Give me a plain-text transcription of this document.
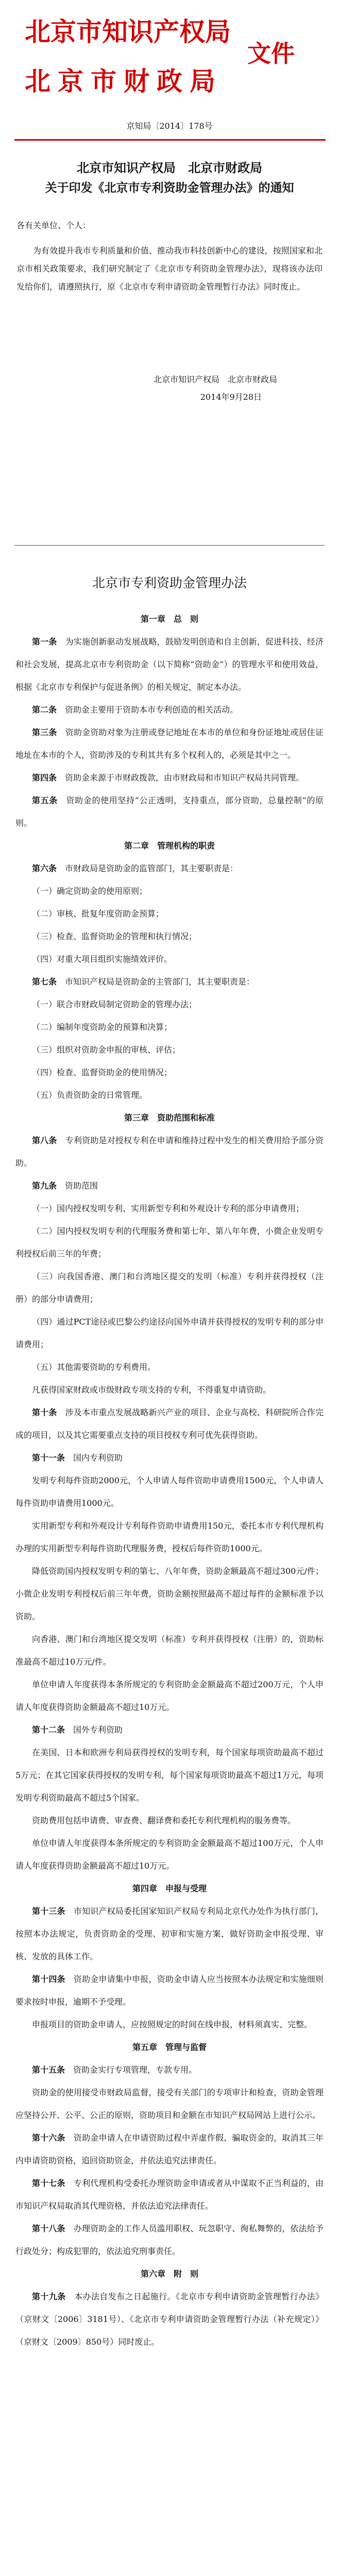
北京市知识产权局
北京市财政局
文件
京知局〔2014〕178号
北京市知识产权局　北京市财政局
关于印发《北京市专利资助金管理办法》的通知
各有关单位、个人：

为有效提升我市专利质量和价值、推动我市科技创新中心的建设，按照国家和北京市相关政策要求，我们研究制定了《北京市专利资助金管理办法》，现将该办法印发给你们，请遵照执行，原《北京市专利申请资助金管理暂行办法》同时废止。

北京市知识产权局　北京市财政局
2014年9月28日
北京市专利资助金管理办法

第一章　总　则

第一条　 为实施创新驱动发展战略，鼓励发明创造和自主创新，促进科技、经济和社会发展，提高北京市专利资助金（以下简称“资助金”）的管理水平和使用效益，根据《北京市专利保护与促进条例》的相关规定，制定本办法。

第二条　 资助金主要用于资助本市专利创造的相关活动。

第三条　 资助金资助对象为注册或登记地址在本市的单位和身份证地址或居住证地址在本市的个人，资助涉及的专利其共有多个权利人的，必须是其中之一。

第四条　 资助金来源于市财政拨款，由市财政局和市知识产权局共同管理。

第五条　 资助金的使用坚持“公正透明，支持重点，部分资助，总量控制”的原则。

第二章　管理机构的职责

第六条　 市财政局是资助金的监管部门，其主要职责是：

（一）确定资助金的使用原则；

（二）审核、批复年度资助金预算；

（三）检查、监督资助金的管理和执行情况；

（四）对重大项目组织实施绩效评价。

第七条　 市知识产权局是资助金的主管部门，其主要职责是：

（一）联合市财政局制定资助金的管理办法；

（二）编制年度资助金的预算和决算；

（三）组织对资助金申报的审核、评估；

（四）检查、监督资助金的使用情况；

（五）负责资助金的日常管理。

第三章　资助范围和标准

第八条　 专利资助是对授权专利在申请和维持过程中发生的相关费用给予部分资助。

第九条　 资助范围

（一）国内授权发明专利、实用新型专利和外观设计专利的部分申请费用；

（二）国内授权发明专利的代理服务费和第七年、第八年年费，小微企业发明专利授权后前三年的年费；

（三）向我国香港、澳门和台湾地区提交的发明（标准）专利并获得授权（注册）的部分申请费用；

（四）通过PCT途径或巴黎公约途径向国外申请并获得授权的发明专利的部分申请费用；

（五）其他需要资助的专利费用。

凡获得国家财政或市级财政专项支持的专利，不得重复申请资助。

第十条　 涉及本市重点发展战略新兴产业的项目、企业与高校、科研院所合作完成的项目，以及其它需要重点支持的项目授权专利可优先获得资助。

第十一条　 国内专利资助

发明专利每件资助2000元，个人申请人每件资助申请费用1500元，个人申请人每件资助申请费用1000元。

实用新型专利和外观设计专利每件资助申请费用150元，委托本市专利代理机构办理的实用新型专利每件资助代理服务费，授权后每件资助1000元。

降低资助国内授权发明专利的第七、八年年费，资助金额最高不超过300元/件；小微企业发明专利授权后前三年年费，资助金额按照最高不超过每件的金额标准予以资助。

向香港、澳门和台湾地区提交发明（标准）专利并获得授权（注册）的，资助标准最高不超过10万元/件。

单位申请人年度获得本条所规定的专利资助金金额最高不超过200万元，个人申请人年度获得资助金额最高不超过10万元。

第十二条　 国外专利资助

在美国、日本和欧洲专利局获得授权的发明专利，每个国家每项资助最高不超过5万元；在其它国家获得授权的发明专利，每个国家每项资助最高不超过1万元，每项发明专利资助最高不超过5个国家。

资助费用包括申请费、审查费、翻译费和委托专利代理机构的服务费等。

单位申请人年度获得本条所规定的专利资助金金额最高不超过100万元，个人申请人年度获得资助金额最高不超过10万元。

第四章　申报与受理

第十三条　 市知识产权局委托国家知识产权局专利局北京代办处作为执行部门，按照本办法规定，负责资助金的受理、初审和实施方案，做好资助金申报受理、审核、发放的具体工作。

第十四条　 资助金申请集中申报，资助金申请人应当按照本办法规定和实施细则要求按时申报，逾期不予受理。

申报项目的资助金申请人，应按照规定的时间在线申报，材料须真实、完整。

第五章　管理与监督

第十五条　 资助金实行专项管理，专款专用。

资助金的使用接受市财政局监督，接受有关部门的专项审计和检查，资助金管理应坚持公开、公平、公正的原则，资助项目和金额在市知识产权局网站上进行公示。

第十六条　 资助金申请人在申请资助过程中弄虚作假、骗取资金的，取消其三年内申请资助资格，追回资助资金，并依法追究法律责任。

第十七条　 专利代理机构受委托办理资助金申请或者从中谋取不正当利益的，由市知识产权局取消其代理资格，并依法追究法律责任。

第十八条　 办理资助金的工作人员滥用职权、玩忽职守、徇私舞弊的，依法给予行政处分；构成犯罪的，依法追究刑事责任。

第六章　附　则

第十九条　 本办法自发布之日起施行。《北京市专利申请资助金管理暂行办法》（京财文〔2006〕3181号）、《北京市专利申请资助金管理暂行办法（补充规定）》（京财文〔2009〕850号）同时废止。
